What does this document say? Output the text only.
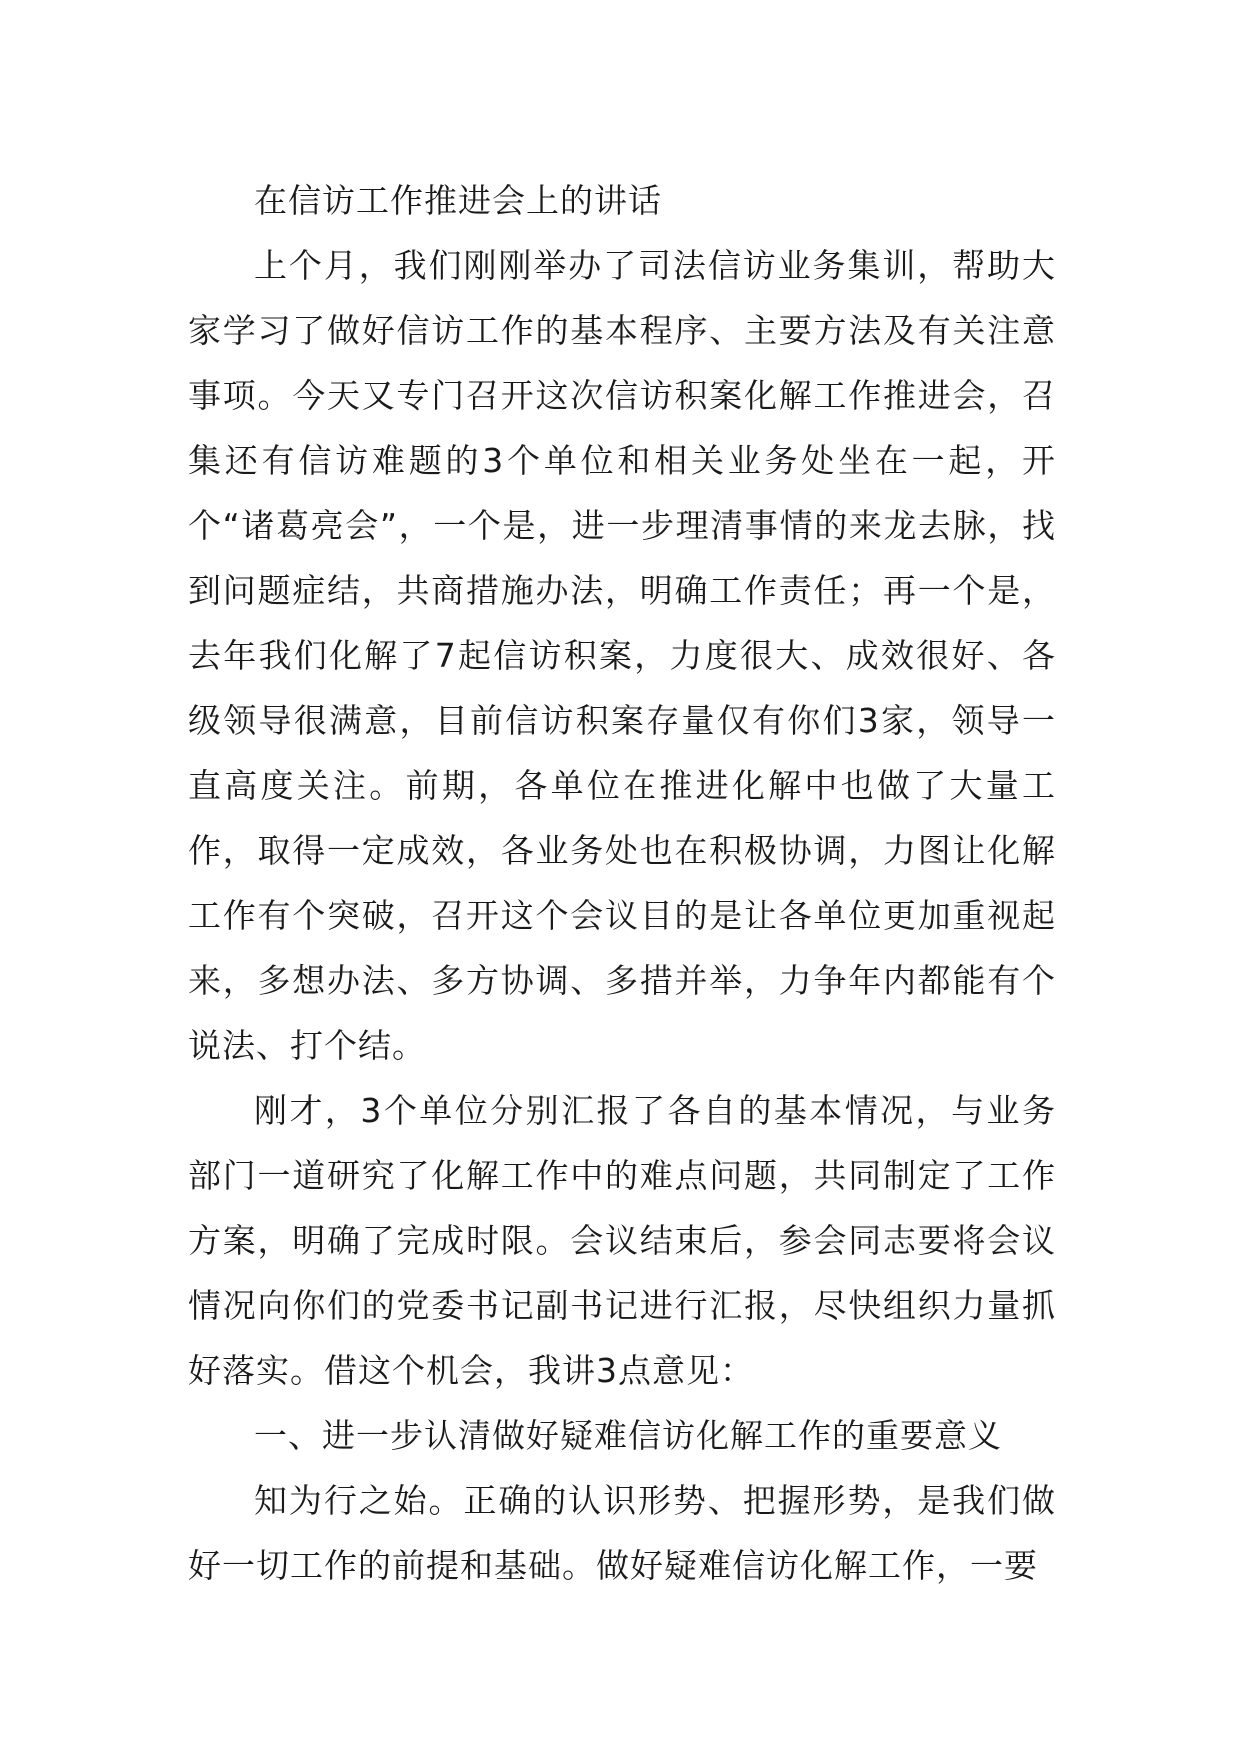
在信访工作推进会上的讲话

上个月，我们刚刚举办了司法信访业务集训，帮助大家学习了做好信访工作的基本程序、主要方法及有关注意事项。今天又专门召开这次信访积案化解工作推进会，召集还有信访难题的3个单位和相关业务处坐在一起，开个“诸葛亮会”，一个是，进一步理清事情的来龙去脉，找到问题症结，共商措施办法，明确工作责任；再一个是，去年我们化解了7起信访积案，力度很大、成效很好、各级领导很满意，目前信访积案存量仅有你们3家，领导一直高度关注。前期，各单位在推进化解中也做了大量工作，取得一定成效，各业务处也在积极协调，力图让化解工作有个突破，召开这个会议目的是让各单位更加重视起来，多想办法、多方协调、多措并举，力争年内都能有个说法、打个结。

刚才，3个单位分别汇报了各自的基本情况，与业务部门一道研究了化解工作中的难点问题，共同制定了工作方案，明确了完成时限。会议结束后，参会同志要将会议情况向你们的党委书记副书记进行汇报，尽快组织力量抓好落实。借这个机会，我讲3点意见：

一、进一步认清做好疑难信访化解工作的重要意义

知为行之始。正确的认识形势、把握形势，是我们做好一切工作的前提和基础。做好疑难信访化解工作，一要
